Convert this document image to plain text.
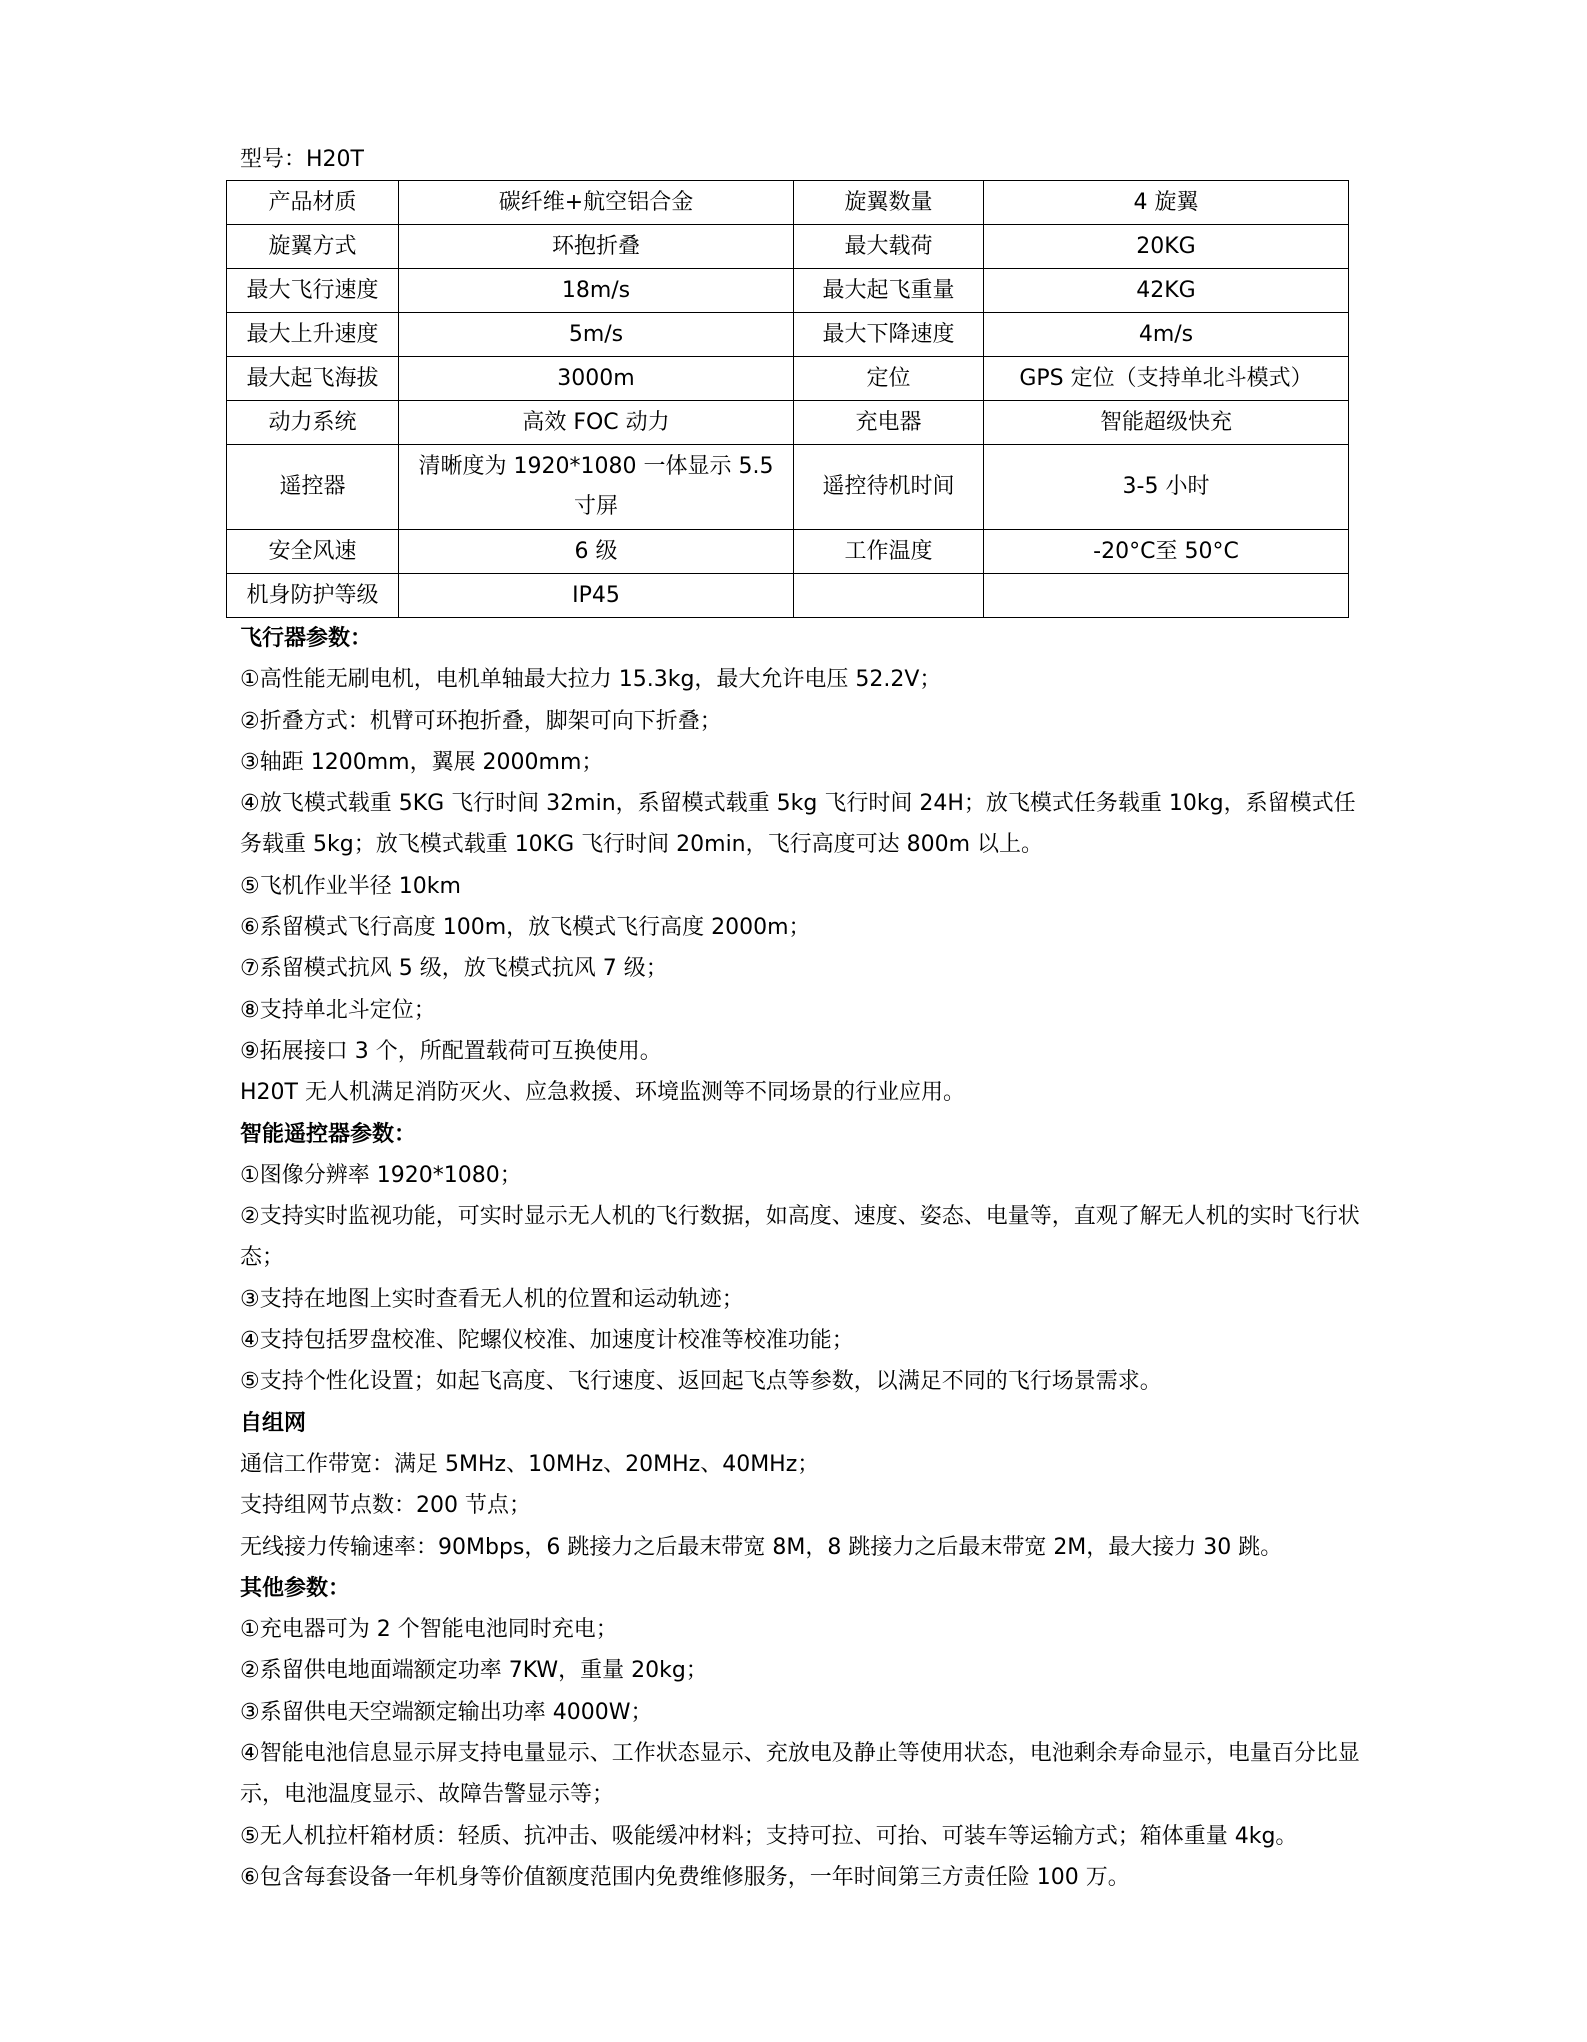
型号：H20T
产品材质	碳纤维+航空铝合金	旋翼数量	4 旋翼
旋翼方式	环抱折叠	最大载荷	20KG
最大飞行速度	18m/s	最大起飞重量	42KG
最大上升速度	5m/s	最大下降速度	4m/s
最大起飞海拔	3000m	定位	GPS 定位（支持单北斗模式）
动力系统	高效 FOC 动力	充电器	智能超级快充
遥控器	清晰度为 1920*1080 一体显示 5.5 寸屏	遥控待机时间	3-5 小时
安全风速	6 级	工作温度	-20°C至 50°C
机身防护等级	IP45		

飞行器参数：

①高性能无刷电机，电机单轴最大拉力 15.3kg，最大允许电压 52.2V；

②折叠方式：机臂可环抱折叠，脚架可向下折叠；

③轴距 1200mm，翼展 2000mm；

④放飞模式载重 5KG 飞行时间 32min，系留模式载重 5kg 飞行时间 24H；放飞模式任务载重 10kg，系留模式任务载重 5kg；放飞模式载重 10KG 飞行时间 20min，飞行高度可达 800m 以上。

⑤飞机作业半径 10km

⑥系留模式飞行高度 100m，放飞模式飞行高度 2000m；

⑦系留模式抗风 5 级，放飞模式抗风 7 级；

⑧支持单北斗定位；

⑨拓展接口 3 个，所配置载荷可互换使用。

H20T 无人机满足消防灭火、应急救援、环境监测等不同场景的行业应用。

智能遥控器参数：

①图像分辨率 1920*1080；

②支持实时监视功能，可实时显示无人机的飞行数据，如高度、速度、姿态、电量等，直观了解无人机的实时飞行状态；

③支持在地图上实时查看无人机的位置和运动轨迹；

④支持包括罗盘校准、陀螺仪校准、加速度计校准等校准功能；

⑤支持个性化设置；如起飞高度、飞行速度、返回起飞点等参数，以满足不同的飞行场景需求。

自组网

通信工作带宽：满足 5MHz、10MHz、20MHz、40MHz；

支持组网节点数：200 节点；

无线接力传输速率：90Mbps，6 跳接力之后最末带宽 8M，8 跳接力之后最末带宽 2M，最大接力 30 跳。

其他参数：

①充电器可为 2 个智能电池同时充电；

②系留供电地面端额定功率 7KW，重量 20kg；

③系留供电天空端额定输出功率 4000W；

④智能电池信息显示屏支持电量显示、工作状态显示、充放电及静止等使用状态，电池剩余寿命显示，电量百分比显示，电池温度显示、故障告警显示等；

⑤无人机拉杆箱材质：轻质、抗冲击、吸能缓冲材料；支持可拉、可抬、可装车等运输方式；箱体重量 4kg。

⑥包含每套设备一年机身等价值额度范围内免费维修服务，一年时间第三方责任险 100 万。
